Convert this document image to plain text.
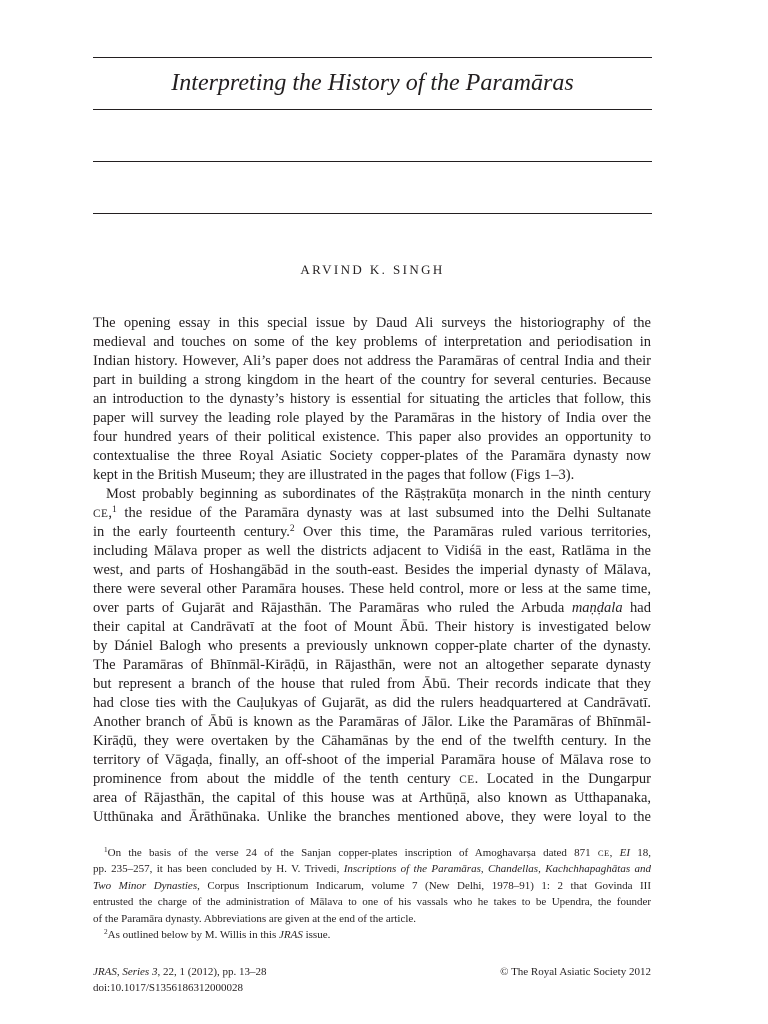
Interpreting the History of the Paramāras
ARVIND K. SINGH
The opening essay in this special issue by Daud Ali surveys the historiography of the
medieval and touches on some of the key problems of interpretation and periodisation in
Indian history. However, Ali’s paper does not address the Paramāras of central India and their
part in building a strong kingdom in the heart of the country for several centuries. Because
an introduction to the dynasty’s history is essential for situating the articles that follow, this
paper will survey the leading role played by the Paramāras in the history of India over the
four hundred years of their political existence. This paper also provides an opportunity to
contextualise the three Royal Asiatic Society copper-plates of the Paramāra dynasty now
kept in the British Museum; they are illustrated in the pages that follow (Figs 1–3).
Most probably beginning as subordinates of the Rāṣṭrakūṭa monarch in the ninth century
CE,$^1$ the residue of the Paramāra dynasty was at last subsumed into the Delhi Sultanate
in the early fourteenth century.$^2$ Over this time, the Paramāras ruled various territories,
including Mālava proper as well the districts adjacent to Vidiśā in the east, Ratlāma in the
west, and parts of Hoshangābād in the south-east. Besides the imperial dynasty of Mālava,
there were several other Paramāra houses. These held control, more or less at the same time,
over parts of Gujarāt and Rājasthān. The Paramāras who ruled the Arbuda maṇḍala had
their capital at Candrāvatī at the foot of Mount Ābū. Their history is investigated below
by Dániel Balogh who presents a previously unknown copper-plate charter of the dynasty.
The Paramāras of Bhīnmāl-Kirāḍū, in Rājasthān, were not an altogether separate dynasty
but represent a branch of the house that ruled from Ābū. Their records indicate that they
had close ties with the Cauḷukyas of Gujarāt, as did the rulers headquartered at Candrāvatī.
Another branch of Ābū is known as the Paramāras of Jālor. Like the Paramāras of Bhīnmāl-
Kirāḍū, they were overtaken by the Cāhamānas by the end of the twelfth century. In the
territory of Vāgaḍa, finally, an off-shoot of the imperial Paramāra house of Mālava rose to
prominence from about the middle of the tenth century CE. Located in the Dungarpur
area of Rājasthān, the capital of this house was at Arthūṇā, also known as Utthapanaka,
Utthūnaka and Ārāthūnaka. Unlike the branches mentioned above, they were loyal to the
$^1$On the basis of the verse 24 of the Sanjan copper-plates inscription of Amoghavarṣa dated 871 CE, EI 18,
pp. 235–257, it has been concluded by H. V. Trivedi, Inscriptions of the Paramāras, Chandellas, Kachchhapaghātas and
Two Minor Dynasties, Corpus Inscriptionum Indicarum, volume 7 (New Delhi, 1978–91) 1: 2 that Govinda III
entrusted the charge of the administration of Mālava to one of his vassals who he takes to be Upendra, the founder
of the Paramāra dynasty. Abbreviations are given at the end of the article.
$^2$As outlined below by M. Willis in this JRAS issue.
JRAS, Series 3, 22, 1 (2012), pp. 13–28	© The Royal Asiatic Society 2012
doi:10.1017/S1356186312000028
